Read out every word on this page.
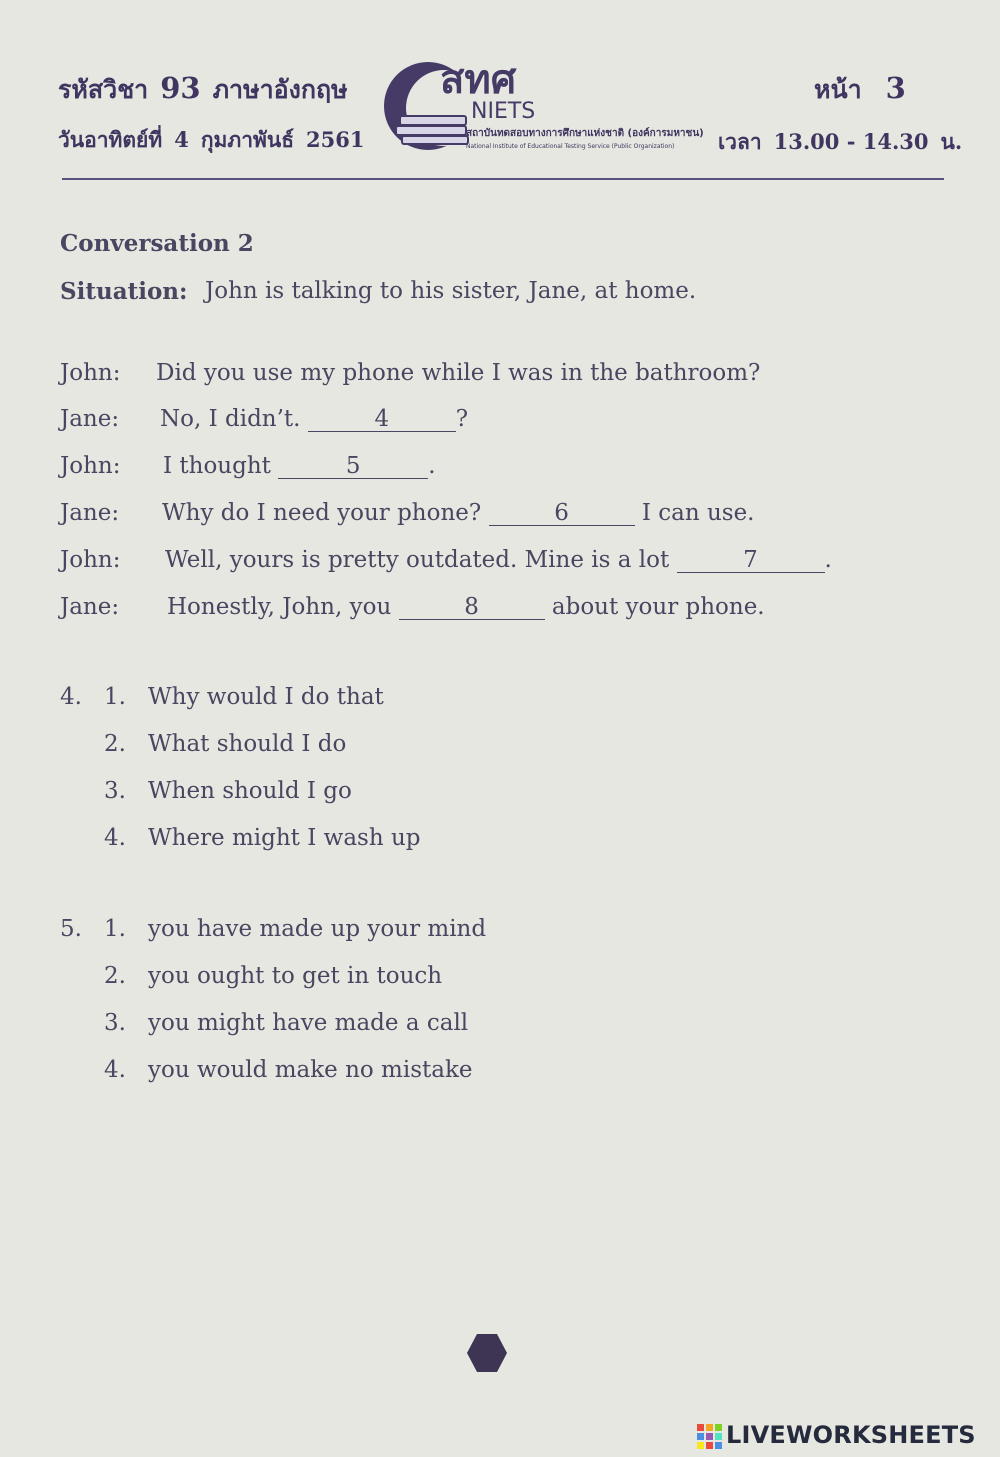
รหัสวิชา 93 ภาษาอังกฤษ
วันอาทิตย์ที่ 4 กุมภาพันธ์ 2561
สทศ
NIETS
สถาบันทดสอบทางการศึกษาแห่งชาติ (องค์การมหาชน)
National Institute of Educational Testing Service (Public Organization)
หน้า 3
เวลา 13.00 - 14.30 น.
Conversation 2
Situation: John is talking to his sister, Jane, at home.
John: Did you use my phone while I was in the bathroom?
Jane: No, I didn’t.	4	?
John: I thought	5	.
Jane: Why do I need your phone?	6	I can use.
John: Well, yours is pretty outdated. Mine is a lot	7	.
Jane: Honestly, John, you	8	about your phone.
4. 1. Why would I do that
2. What should I do
3. When should I go
4. Where might I wash up
5. 1. you have made up your mind
2. you ought to get in touch
3. you might have made a call
4. you would make no mistake
LIVEWORKSHEETS
